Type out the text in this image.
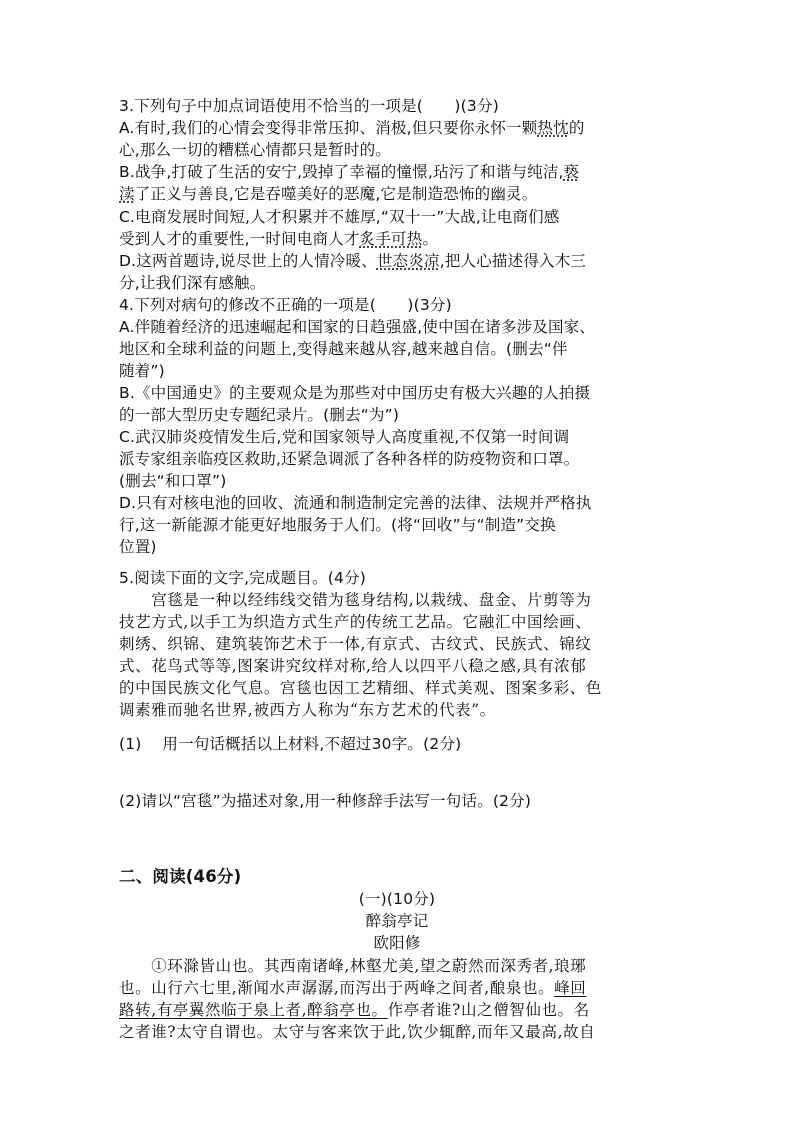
3.下列句子中加点词语使用不恰当的一项是(　　)(3分)
A.有时,我们的心情会变得非常压抑、消极,但只要你永怀一颗热忱的
心,那么一切的糟糕心情都只是暂时的。
B.战争,打破了生活的安宁,毁掉了幸福的憧憬,玷污了和谐与纯洁,亵
渎了正义与善良,它是吞噬美好的恶魔,它是制造恐怖的幽灵。
C.电商发展时间短,人才积累并不雄厚,“双十一”大战,让电商们感
受到人才的重要性,一时间电商人才炙手可热。
D.这两首题诗,说尽世上的人情冷暖、世态炎凉,把人心描述得入木三
分,让我们深有感触。
4.下列对病句的修改不正确的一项是(　　)(3分)
A.伴随着经济的迅速崛起和国家的日趋强盛,使中国在诸多涉及国家、
地区和全球利益的问题上,变得越来越从容,越来越自信。(删去“伴
随着”)
B.《中国通史》的主要观众是为那些对中国历史有极大兴趣的人拍摄
的一部大型历史专题纪录片。(删去“为”)
C.武汉肺炎疫情发生后,党和国家领导人高度重视,不仅第一时间调
派专家组亲临疫区救助,还紧急调派了各种各样的防疫物资和口罩。
(删去“和口罩”)
D.只有对核电池的回收、流通和制造制定完善的法律、法规并严格执
行,这一新能源才能更好地服务于人们。(将“回收”与“制造”交换
位置)
5.阅读下面的文字,完成题目。(4分)
　　宫毯是一种以经纬线交错为毯身结构,以栽绒、盘金、片剪等为
技艺方式,以手工为织造方式生产的传统工艺品。它融汇中国绘画、
刺绣、织锦、建筑装饰艺术于一体,有京式、古纹式、民族式、锦纹
式、花鸟式等等,图案讲究纹样对称,给人以四平八稳之感,具有浓郁
的中国民族文化气息。宫毯也因工艺精细、样式美观、图案多彩、色
调素雅而驰名世界,被西方人称为“东方艺术的代表”。
(1)　 用一句话概括以上材料,不超过30字。(2分)
(2)请以“宫毯”为描述对象,用一种修辞手法写一句话。(2分)
二、阅读(46分)
(一)(10分)
醉翁亭记
欧阳修
　　①环滁皆山也。其西南诸峰,林壑尤美,望之蔚然而深秀者,琅琊
也。山行六七里,渐闻水声潺潺,而泻出于两峰之间者,酿泉也。峰回
路转,有亭翼然临于泉上者,醉翁亭也。作亭者谁?山之僧智仙也。名
之者谁?太守自谓也。太守与客来饮于此,饮少辄醉,而年又最高,故自
